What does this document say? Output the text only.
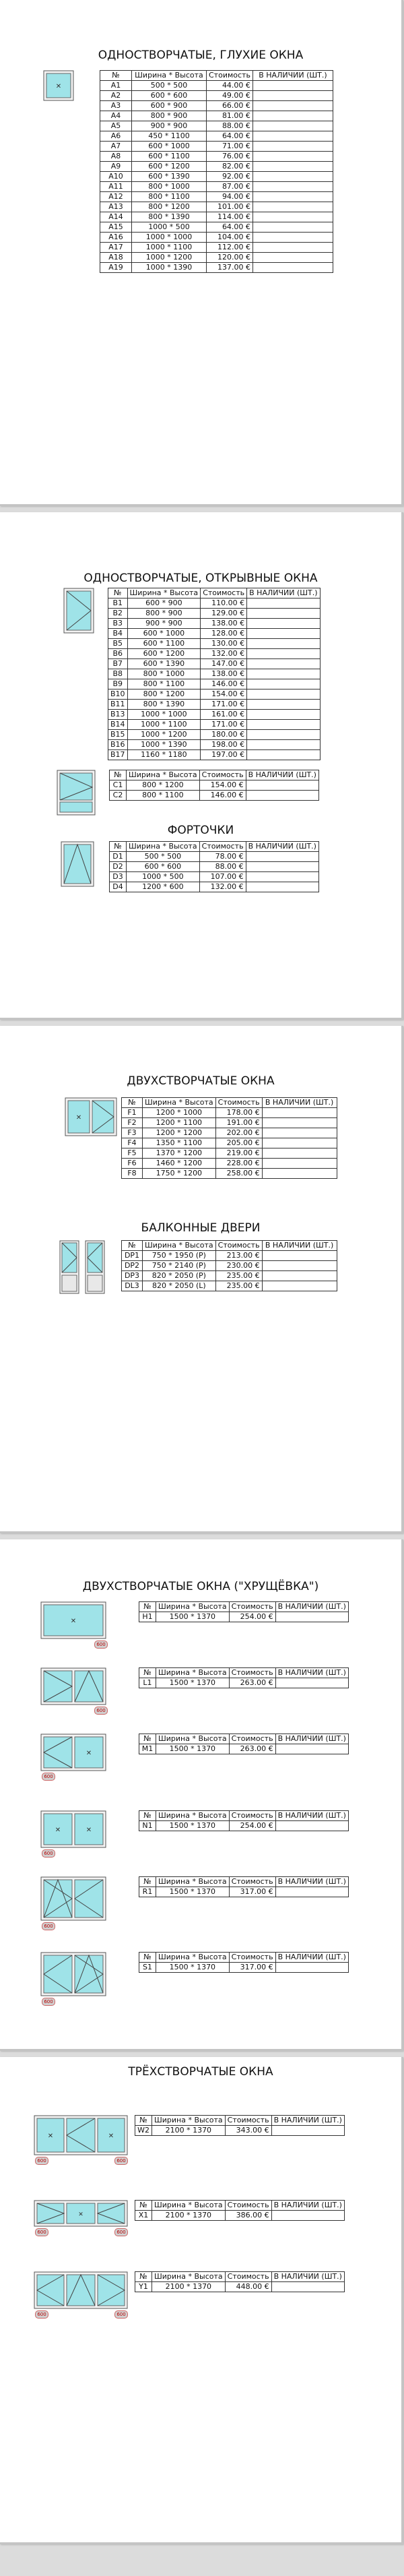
ОДНОСТВОРЧАТЫЕ, ГЛУХИЕ ОКНА
✕
№	Ширина * Высота	Стоимость	В НАЛИЧИИ (ШТ.)
A1	500 * 500	44.00 €	
A2	600 * 600	49.00 €	
A3	600 * 900	66.00 €	
A4	800 * 900	81.00 €	
A5	900 * 900	88.00 €	
A6	450 * 1100	64.00 €	
A7	600 * 1000	71.00 €	
A8	600 * 1100	76.00 €	
A9	600 * 1200	82.00 €	
A10	600 * 1390	92.00 €	
A11	800 * 1000	87.00 €	
A12	800 * 1100	94.00 €	
A13	800 * 1200	101.00 €	
A14	800 * 1390	114.00 €	
A15	1000 * 500	64.00 €	
A16	1000 * 1000	104.00 €	
A17	1000 * 1100	112.00 €	
A18	1000 * 1200	120.00 €	
A19	1000 * 1390	137.00 €	
ОДНОСТВОРЧАТЫЕ, ОТКРЫВНЫЕ ОКНА
№	Ширина * Высота	Стоимость	В НАЛИЧИИ (ШТ.)
B1	600 * 900	110.00 €	
B2	800 * 900	129.00 €	
B3	900 * 900	138.00 €	
B4	600 * 1000	128.00 €	
B5	600 * 1100	130.00 €	
B6	600 * 1200	132.00 €	
B7	600 * 1390	147.00 €	
B8	800 * 1000	138.00 €	
B9	800 * 1100	146.00 €	
B10	800 * 1200	154.00 €	
B11	800 * 1390	171.00 €	
B13	1000 * 1000	161.00 €	
B14	1000 * 1100	171.00 €	
B15	1000 * 1200	180.00 €	
B16	1000 * 1390	198.00 €	
B17	1160 * 1180	197.00 €	
№	Ширина * Высота	Стоимость	В НАЛИЧИИ (ШТ.)
C1	800 * 1200	154.00 €	
C2	800 * 1100	146.00 €	
ФОРТОЧКИ
№	Ширина * Высота	Стоимость	В НАЛИЧИИ (ШТ.)
D1	500 * 500	78.00 €	
D2	600 * 600	88.00 €	
D3	1000 * 500	107.00 €	
D4	1200 * 600	132.00 €	
ДВУХСТВОРЧАТЫЕ ОКНА
✕
№	Ширина * Высота	Стоимость	В НАЛИЧИИ (ШТ.)
F1	1200 * 1000	178.00 €	
F2	1200 * 1100	191.00 €	
F3	1200 * 1200	202.00 €	
F4	1350 * 1100	205.00 €	
F5	1370 * 1200	219.00 €	
F6	1460 * 1200	228.00 €	
F8	1750 * 1200	258.00 €	
БАЛКОННЫЕ ДВЕРИ
№	Ширина * Высота	Стоимость	В НАЛИЧИИ (ШТ.)
DP1	750 * 1950 (P)	213.00 €	
DP2	750 * 2140 (P)	230.00 €	
DP3	820 * 2050 (P)	235.00 €	
DL3	820 * 2050 (L)	235.00 €	
ДВУХСТВОРЧАТЫЕ ОКНА ("ХРУЩЁВКА")
✕
600
№	Ширина * Высота	Стоимость	В НАЛИЧИИ (ШТ.)
H1	1500 * 1370	254.00 €	
600
№	Ширина * Высота	Стоимость	В НАЛИЧИИ (ШТ.)
L1	1500 * 1370	263.00 €	
✕
600
№	Ширина * Высота	Стоимость	В НАЛИЧИИ (ШТ.)
M1	1500 * 1370	263.00 €	
✕	✕
600
№	Ширина * Высота	Стоимость	В НАЛИЧИИ (ШТ.)
N1	1500 * 1370	254.00 €	
600
№	Ширина * Высота	Стоимость	В НАЛИЧИИ (ШТ.)
R1	1500 * 1370	317.00 €	
600
№	Ширина * Высота	Стоимость	В НАЛИЧИИ (ШТ.)
S1	1500 * 1370	317.00 €	
ТРЁХСТВОРЧАТЫЕ ОКНА
✕	✕
600	600
№	Ширина * Высота	Стоимость	В НАЛИЧИИ (ШТ.)
W2	2100 * 1370	343.00 €	
✕
600	600
№	Ширина * Высота	Стоимость	В НАЛИЧИИ (ШТ.)
X1	2100 * 1370	386.00 €	
600	600
№	Ширина * Высота	Стоимость	В НАЛИЧИИ (ШТ.)
Y1	2100 * 1370	448.00 €	
